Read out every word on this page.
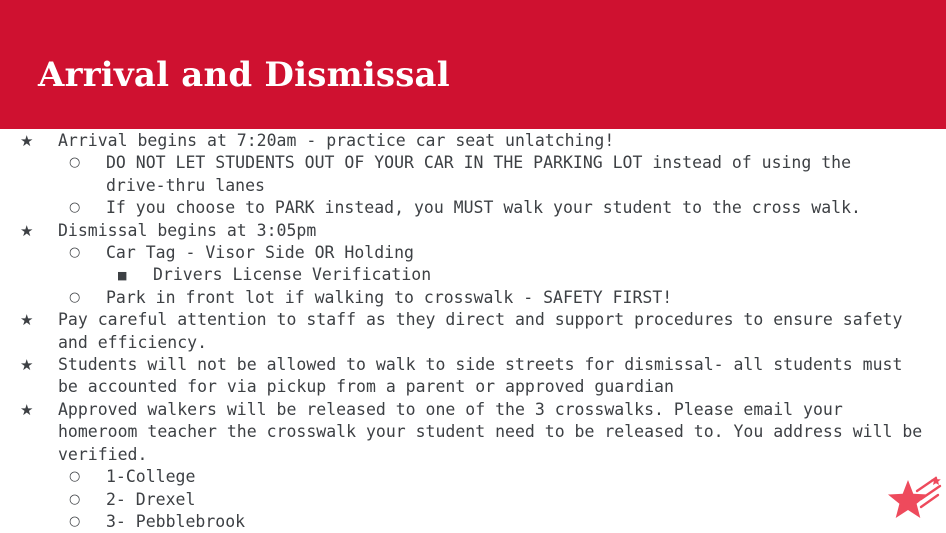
Arrival and Dismissal
★ Arrival begins at 7:20am - practice car seat unlatching!
○ DO NOT LET STUDENTS OUT OF YOUR CAR IN THE PARKING LOT instead of using the drive-thru lanes
○ If you choose to PARK instead, you MUST walk your student to the cross walk.
★ Dismissal begins at 3:05pm
○ Car Tag - Visor Side OR Holding
■ Drivers License Verification
○ Park in front lot if walking to crosswalk - SAFETY FIRST!
★ Pay careful attention to staff as they direct and support procedures to ensure safety and efficiency.
★ Students will not be allowed to walk to side streets for dismissal- all students must be accounted for via pickup from a parent or approved guardian
★ Approved walkers will be released to one of the 3 crosswalks. Please email your homeroom teacher the crosswalk your student need to be released to. You address will be verified.
○ 1-College
○ 2- Drexel
○ 3- Pebblebrook
